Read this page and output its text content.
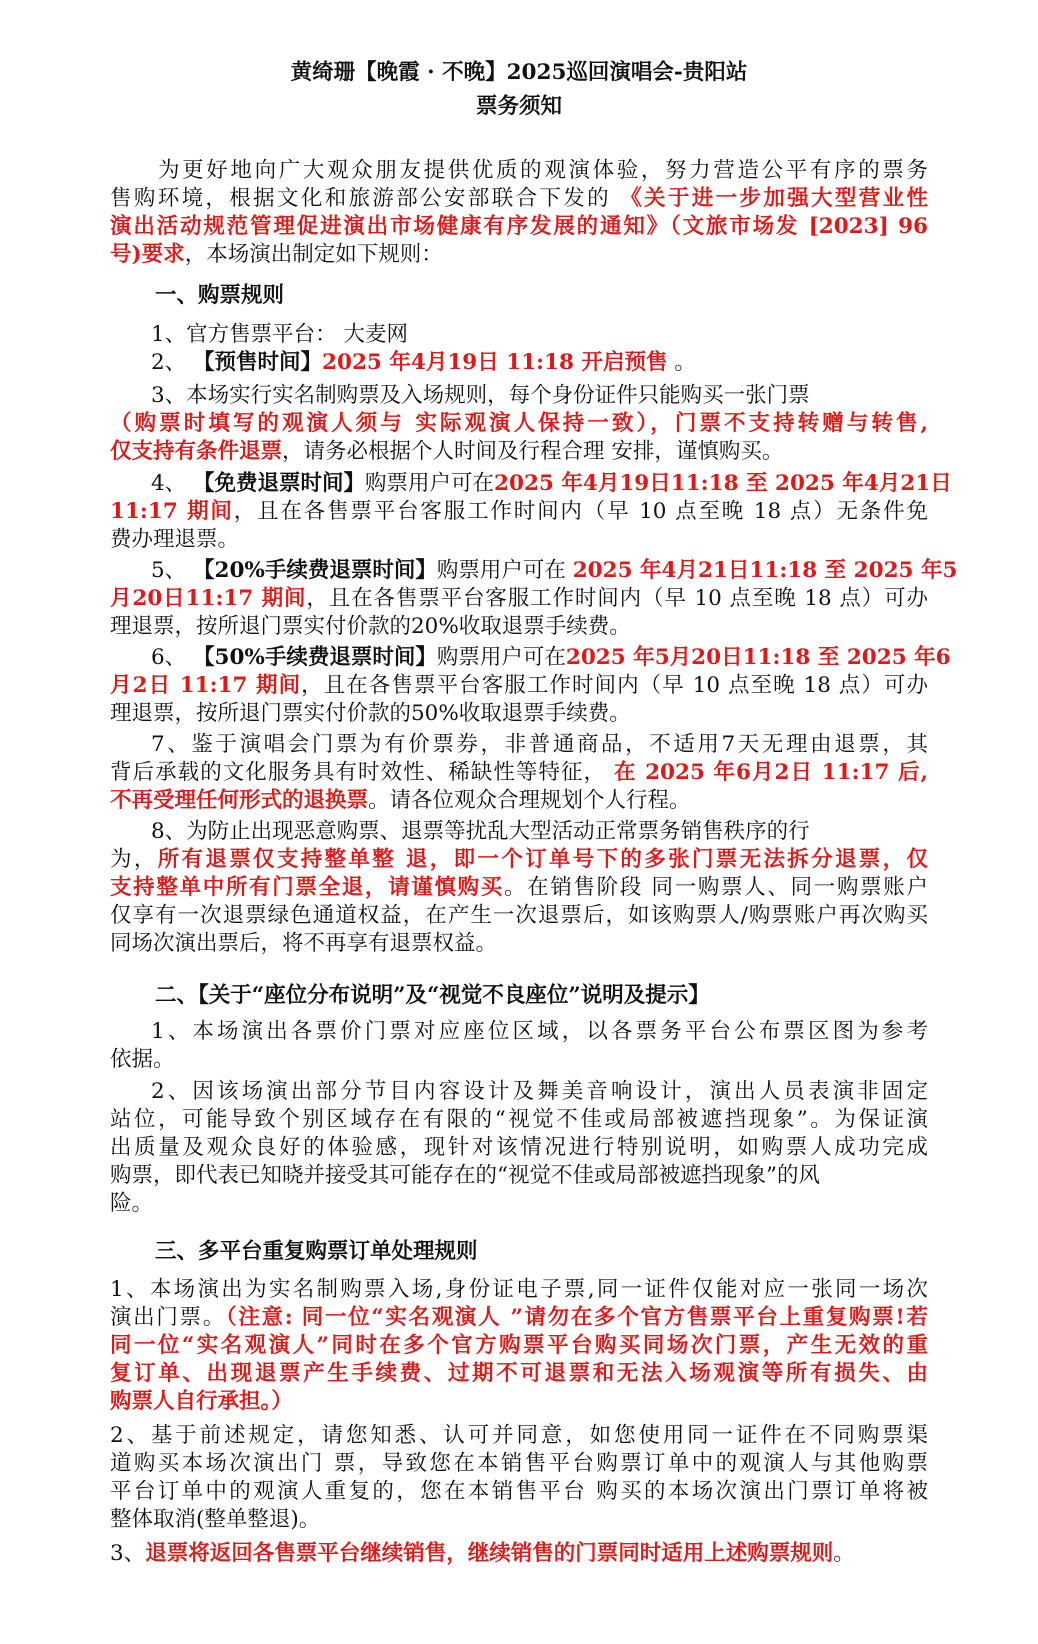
黄绮珊【晚霞 · 不晚】2025巡回演唱会-贵阳站
票务须知
一、购票规则
二、【关于“座位分布说明”及“视觉不良座位”说明及提示】
三、多平台重复购票订单处理规则
为更好地向广大观众朋友提供优质的观演体验，努力营造公平有序的票务
售购环境，根据文化和旅游部公安部联合下发的 《关于进一步加强大型营业性
演出活动规范管理促进演出市场健康有序发展的通知》（文旅市场发 [2023] 96
号)要求，本场演出制定如下规则：
1、官方售票平台： 大麦网
2、 【预售时间】2025 年4月19日 11:18 开启预售 。
3、本场实行实名制购票及入场规则，每个身份证件只能购买一张门票
（购票时填写的观演人须与 实际观演人保持一致），门票不支持转赠与转售,
仅支持有条件退票，请务必根据个人时间及行程合理 安排，谨慎购买。
4、 【免费退票时间】购票用户可在2025 年4月19日11:18 至 2025 年4月21日
11:17 期间，且在各售票平台客服工作时间内（早 10 点至晚 18 点）无条件免
费办理退票。
5、 【20%手续费退票时间】购票用户可在 2025 年4月21日11:18 至 2025 年5
月20日11:17 期间，且在各售票平台客服工作时间内（早 10 点至晚 18 点）可办
理退票，按所退门票实付价款的20%收取退票手续费。
6、 【50%手续费退票时间】购票用户可在2025 年5月20日11:18 至 2025 年6
月2日 11:17 期间，且在各售票平台客服工作时间内（早 10 点至晚 18 点）可办
理退票，按所退门票实付价款的50%收取退票手续费。
7、鉴于演唱会门票为有价票券，非普通商品，不适用7天无理由退票，其
背后承载的文化服务具有时效性、稀缺性等特征， 在 2025 年6月2日 11:17 后,
不再受理任何形式的退换票。请各位观众合理规划个人行程。
8、为防止出现恶意购票、退票等扰乱大型活动正常票务销售秩序的行
为，所有退票仅支持整单整 退，即一个订单号下的多张门票无法拆分退票，仅
支持整单中所有门票全退，请谨慎购买。在销售阶段 同一购票人、同一购票账户
仅享有一次退票绿色通道权益，在产生一次退票后，如该购票人/购票账户再次购买
同场次演出票后，将不再享有退票权益。
1、本场演出各票价门票对应座位区域，以各票务平台公布票区图为参考
依据。
2、因该场演出部分节目内容设计及舞美音响设计，演出人员表演非固定
站位，可能导致个别区域存在有限的“视觉不佳或局部被遮挡现象”。为保证演
出质量及观众良好的体验感，现针对该情况进行特别说明，如购票人成功完成
购票，即代表已知晓并接受其可能存在的“视觉不佳或局部被遮挡现象”的风
险。
1、本场演出为实名制购票入场,身份证电子票,同一证件仅能对应一张同一场次
演出门票。（注意: 同一位“实名观演人 ”请勿在多个官方售票平台上重复购票!若
同一位“实名观演人”同时在多个官方购票平台购买同场次门票，产生无效的重
复订单、出现退票产生手续费、过期不可退票和无法入场观演等所有损失、由
购票人自行承担。）
2、基于前述规定，请您知悉、认可并同意，如您使用同一证件在不同购票渠
道购买本场次演出门 票，导致您在本销售平台购票订单中的观演人与其他购票
平台订单中的观演人重复的，您在本销售平台 购买的本场次演出门票订单将被
整体取消(整单整退)。
3、退票将返回各售票平台继续销售，继续销售的门票同时适用上述购票规则。
